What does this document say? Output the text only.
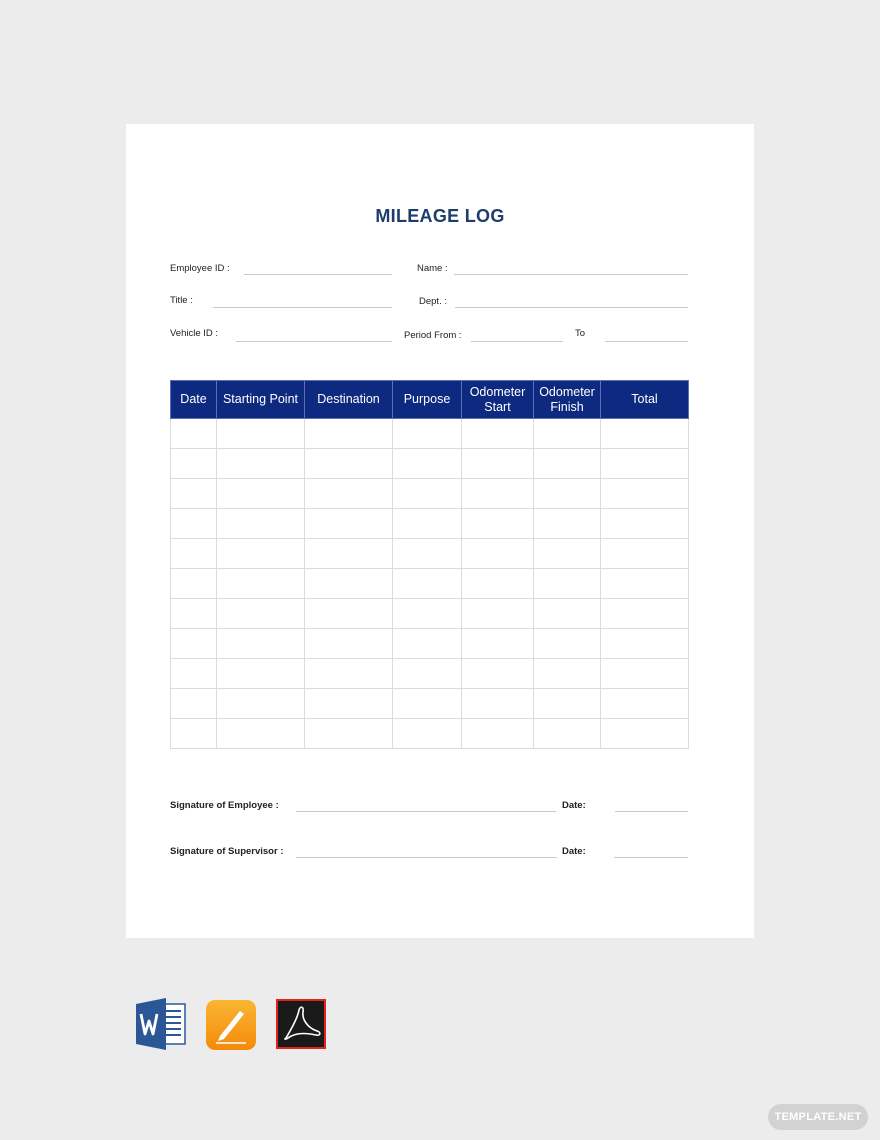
MILEAGE LOG
Employee ID :	Name :
Title :	Dept. :
Vehicle ID :	Period From :	To
Date	Starting Point	Destination	Purpose	Odometer Start	Odometer Finish	Total

Signature of Employee :	Date:
Signature of Supervisor :	Date:
TEMPLATE.NET
